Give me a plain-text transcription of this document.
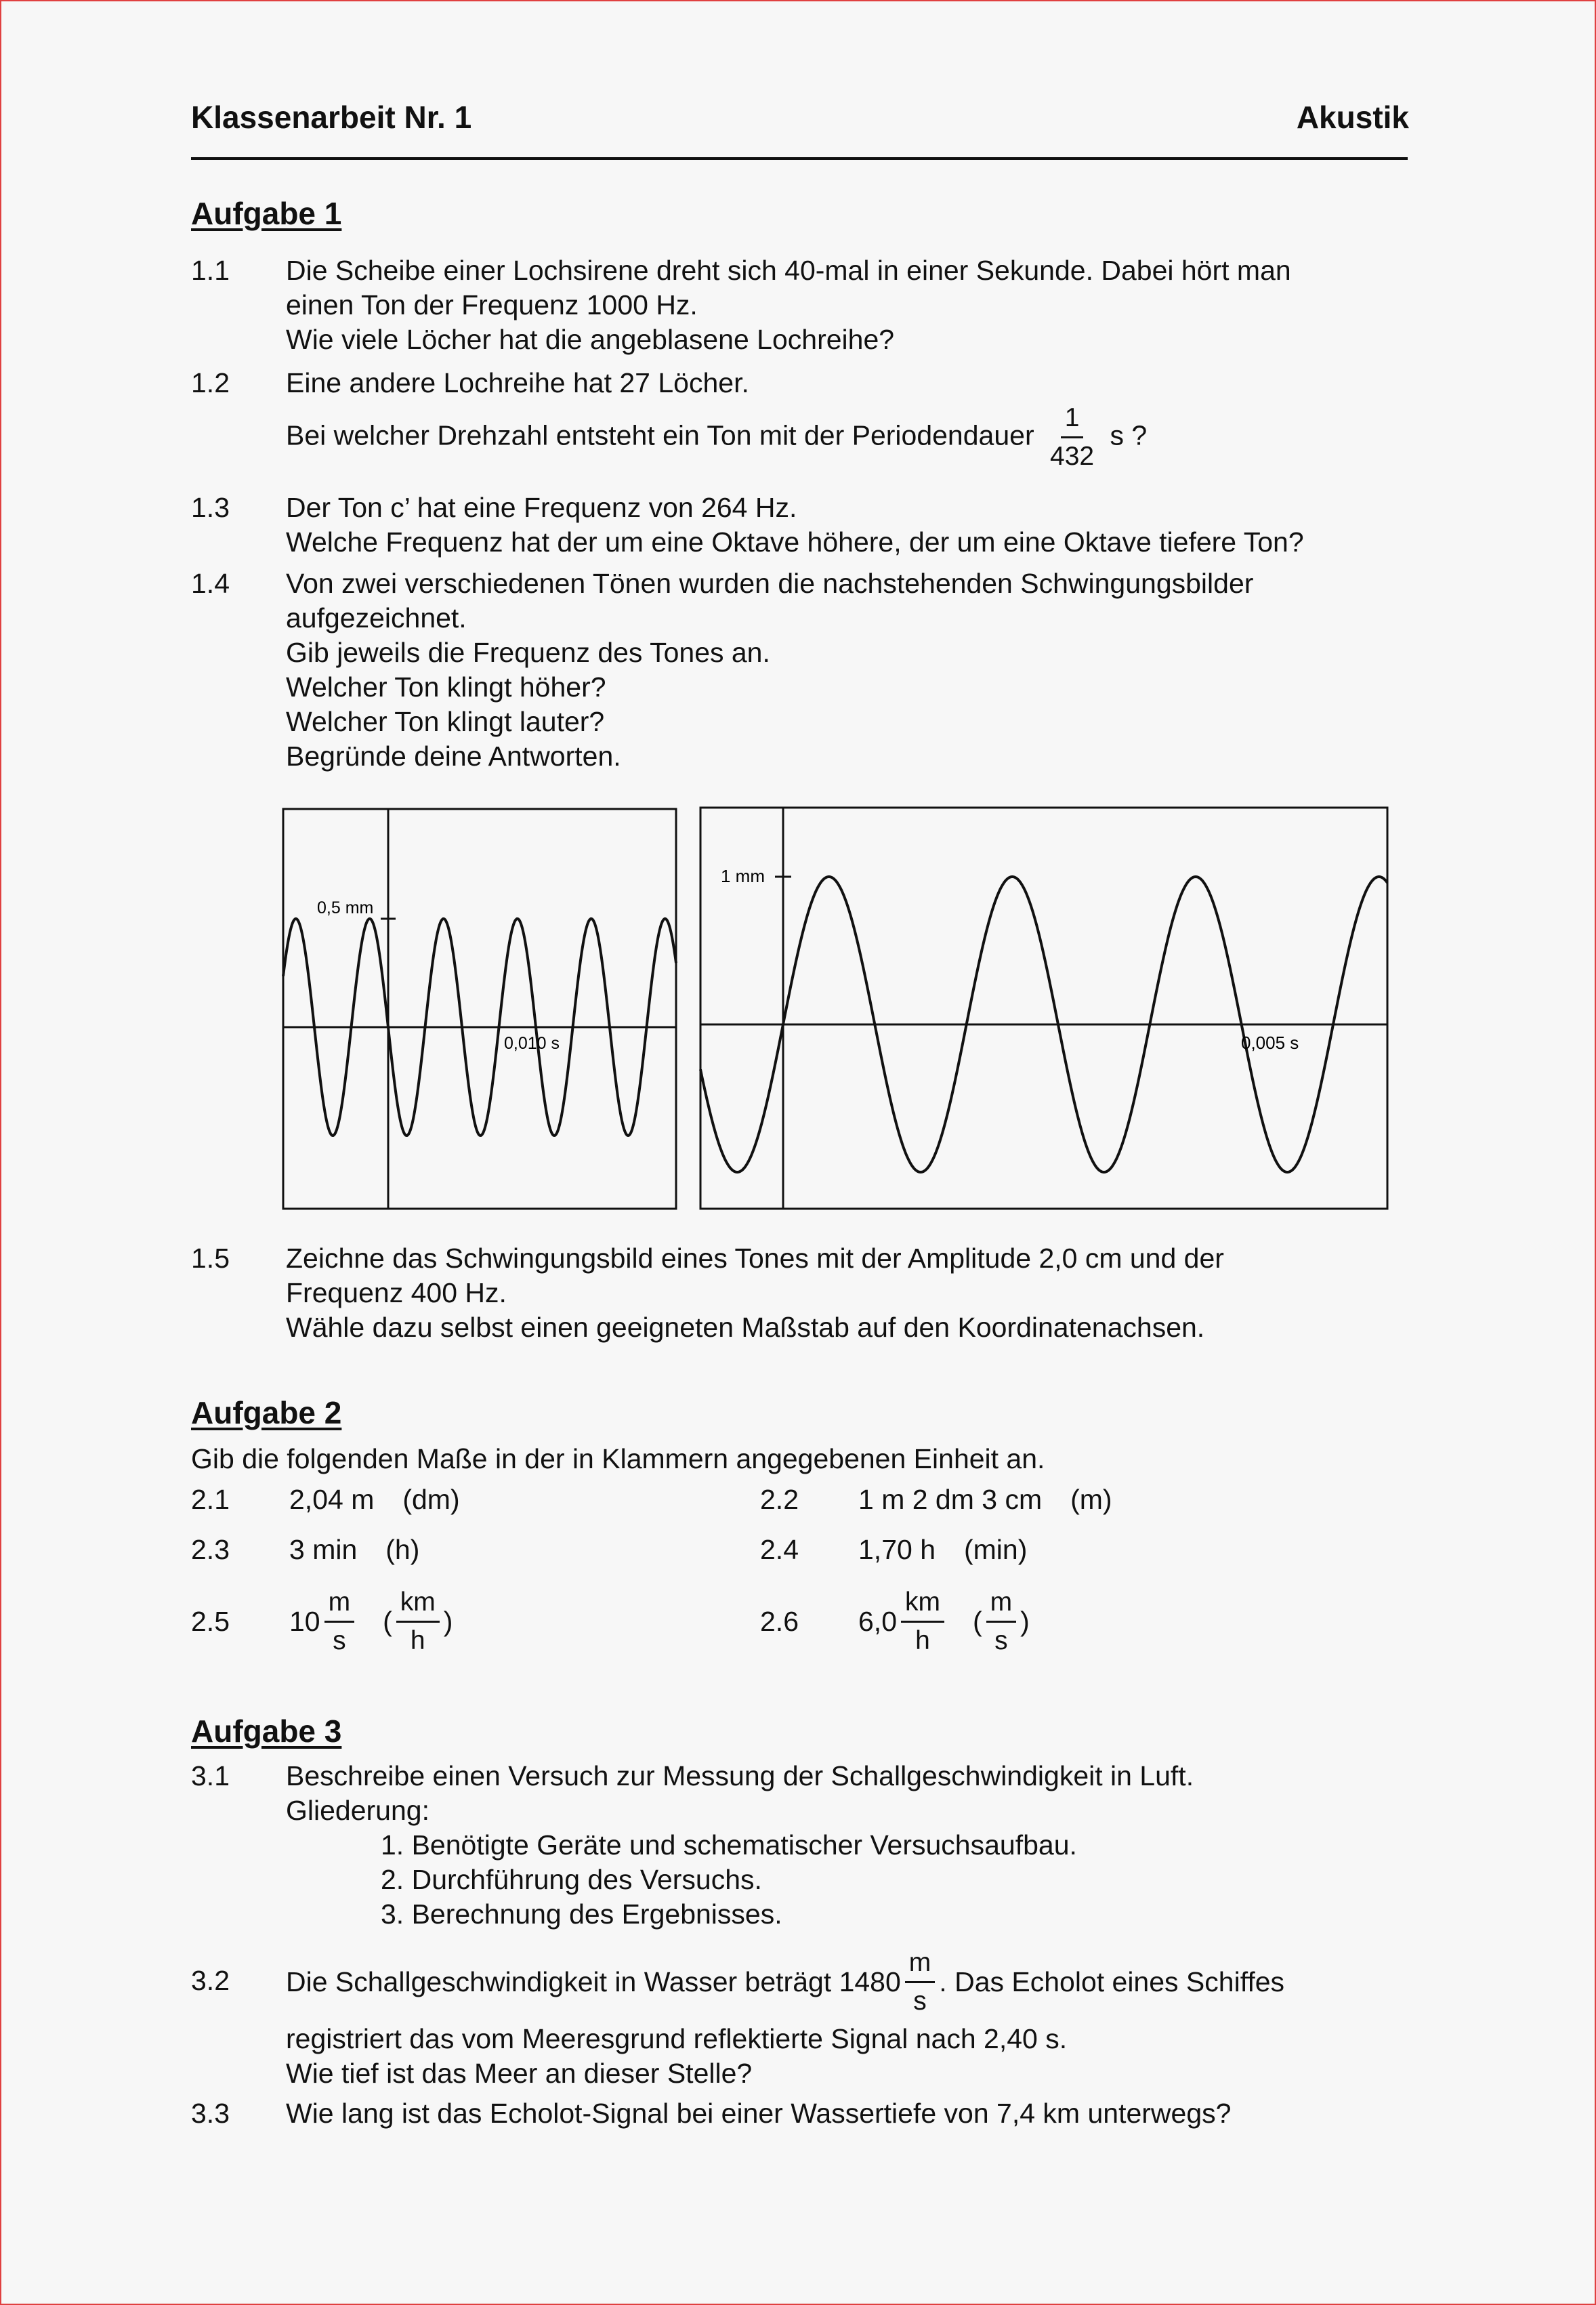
Klassenarbeit Nr. 1	Akustik
Aufgabe 1
1.1 Die Scheibe einer Lochsirene dreht sich 40-mal in einer Sekunde. Dabei hört man
einen Ton der Frequenz 1000 Hz.
Wie viele Löcher hat die angeblasene Lochreihe?
1.2 Eine andere Lochreihe hat 27 Löcher.
Bei welcher Drehzahl entsteht ein Ton mit der Periodendauer $\frac{1}{432}$ s ?
1.3 Der Ton c’ hat eine Frequenz von 264 Hz.
Welche Frequenz hat der um eine Oktave höhere, der um eine Oktave tiefere Ton?
1.4 Von zwei verschiedenen Tönen wurden die nachstehenden Schwingungsbilder
aufgezeichnet.
Gib jeweils die Frequenz des Tones an.
Welcher Ton klingt höher?
Welcher Ton klingt lauter?
Begründe deine Antworten.
0,5 mm
0,010 s
1 mm
0,005 s
1.5 Zeichne das Schwingungsbild eines Tones mit der Amplitude 2,0 cm und der
Frequenz 400 Hz.
Wähle dazu selbst einen geeigneten Maßstab auf den Koordinatenachsen.
Aufgabe 2
Gib die folgenden Maße in der in Klammern angegebenen Einheit an.
2.1	2,04 m (dm)	2.2	1 m 2 dm 3 cm (m)
2.3	3 min (h)	2.4	1,70 h (min)
2.5	$10 \frac{m}{s}$ ( $\frac{km}{h}$ )	2.6	$6,0 \frac{km}{h}$ ( $\frac{m}{s}$ )
Aufgabe 3
3.1 Beschreibe einen Versuch zur Messung der Schallgeschwindigkeit in Luft.
Gliederung:
1. Benötigte Geräte und schematischer Versuchsaufbau.
2. Durchführung des Versuchs.
3. Berechnung des Ergebnisses.
3.2 Die Schallgeschwindigkeit in Wasser beträgt $1480 \frac{m}{s}$ . Das Echolot eines Schiffes
registriert das vom Meeresgrund reflektierte Signal nach 2,40 s.
Wie tief ist das Meer an dieser Stelle?
3.3 Wie lang ist das Echolot-Signal bei einer Wassertiefe von 7,4 km unterwegs?
